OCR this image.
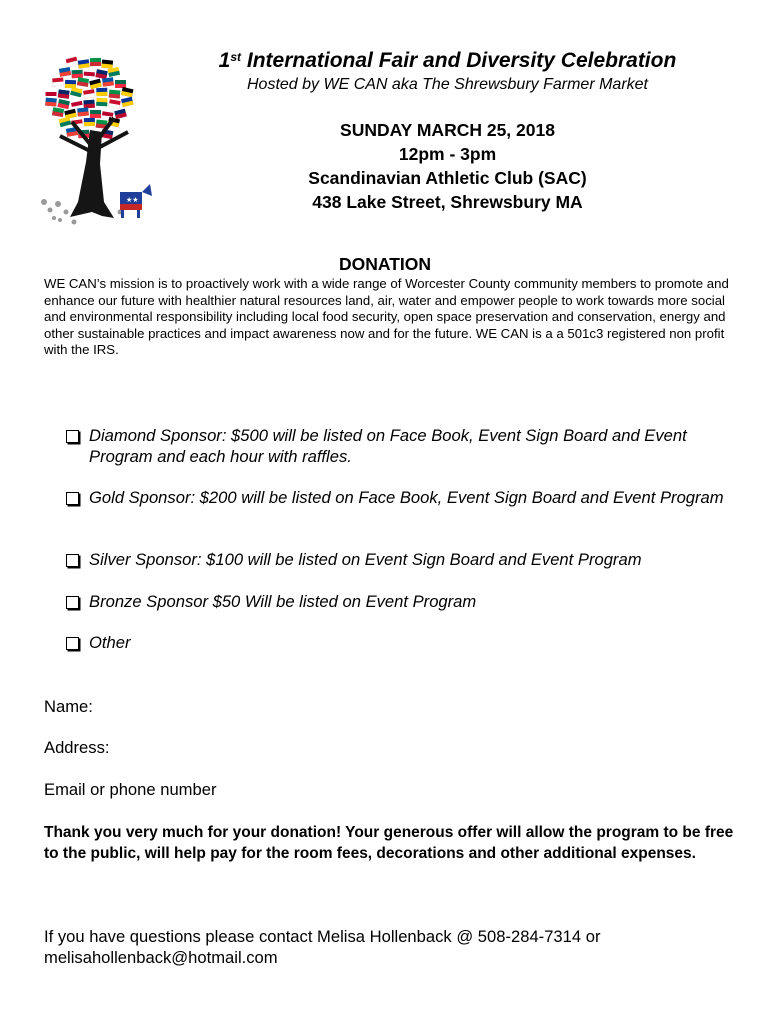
★★
1st International Fair and Diversity Celebration
Hosted by WE CAN aka The Shrewsbury Farmer Market
SUNDAY MARCH 25, 2018
12pm - 3pm
Scandinavian Athletic Club (SAC)
438 Lake Street, Shrewsbury MA
DONATION
WE CAN’s mission is to proactively work with a wide range of Worcester County community members to promote and enhance our future with healthier natural resources land, air, water and empower people to work towards more social and environmental responsibility including local food security, open space preservation and conservation, energy and other sustainable practices and impact awareness now and for the future. WE CAN is a a 501c3 registered non profit with the IRS.
Diamond Sponsor: $500 will be listed on Face Book, Event Sign Board and Event Program and each hour with raffles.
Gold Sponsor: $200 will be listed on Face Book, Event Sign Board and Event Program
Silver Sponsor: $100 will be listed on Event Sign Board and Event Program
Bronze Sponsor $50 Will be listed on Event Program
Other
Name:
Address:
Email or phone number
Thank you very much for your donation! Your generous offer will allow the program to be free to the public, will help pay for the room fees, decorations and other additional expenses.
If you have questions please contact Melisa Hollenback @ 508-284-7314 or melisahollenback@hotmail.com
